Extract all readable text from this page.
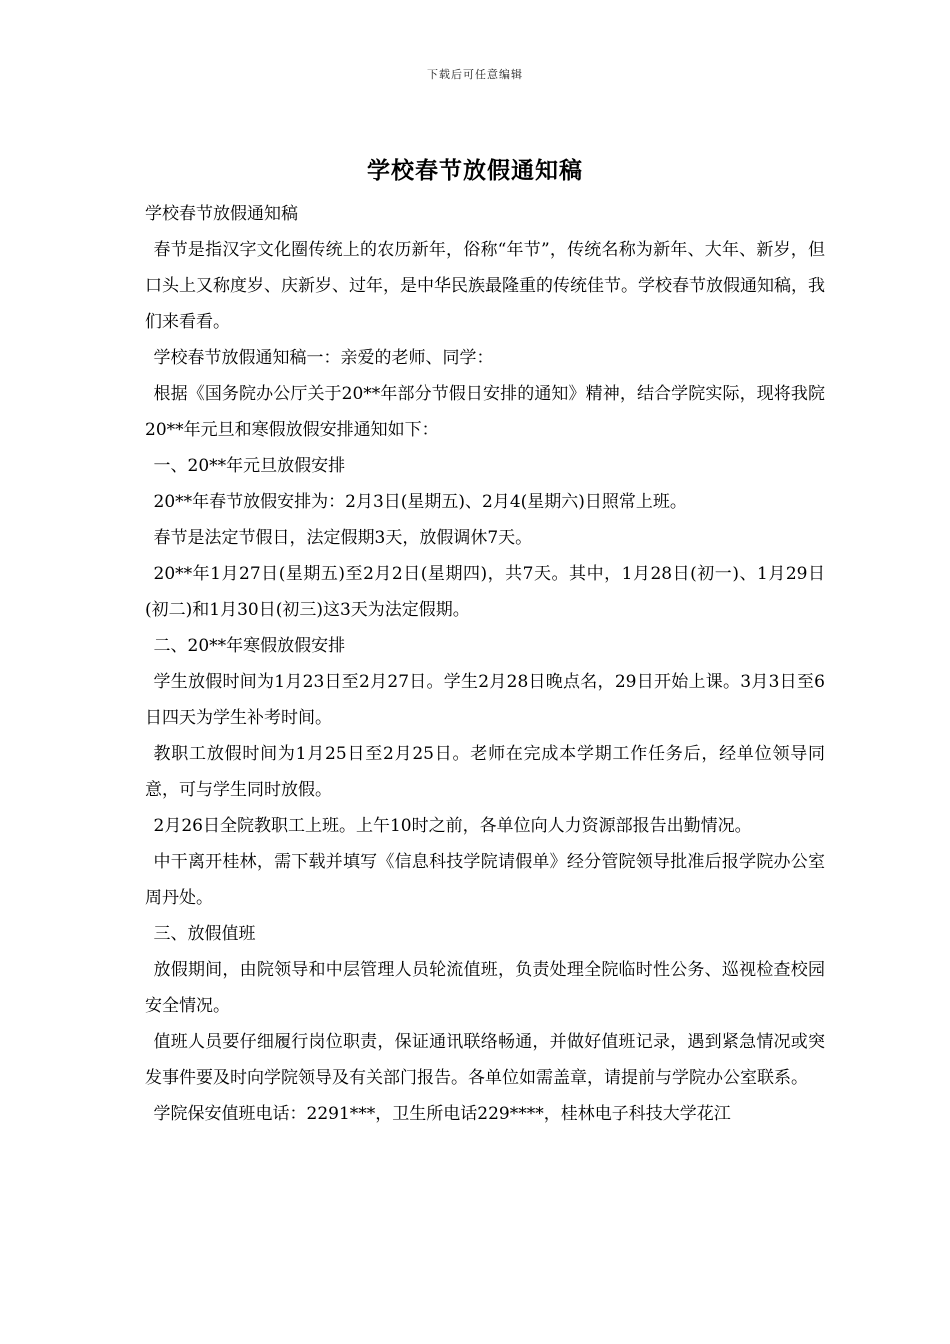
下载后可任意编辑
学校春节放假通知稿

学校春节放假通知稿

春节是指汉字文化圈传统上的农历新年，俗称“年节”，传统名称为新年、大年、新岁，但口头上又称度岁、庆新岁、过年，是中华民族最隆重的传统佳节。学校春节放假通知稿，我们来看看。

学校春节放假通知稿一：亲爱的老师、同学：

根据《国务院办公厅关于20**年部分节假日安排的通知》精神，结合学院实际，现将我院20**年元旦和寒假放假安排通知如下：

一、20**年元旦放假安排

20**年春节放假安排为：2月3日(星期五)、2月4(星期六)日照常上班。

春节是法定节假日，法定假期3天，放假调休7天。

20**年1月27日(星期五)至2月2日(星期四)，共7天。其中，1月28日(初一)、1月29日(初二)和1月30日(初三)这3天为法定假期。

二、20**年寒假放假安排

学生放假时间为1月23日至2月27日。学生2月28日晚点名，29日开始上课。3月3日至6日四天为学生补考时间。

教职工放假时间为1月25日至2月25日。老师在完成本学期工作任务后，经单位领导同意，可与学生同时放假。

2月26日全院教职工上班。上午10时之前，各单位向人力资源部报告出勤情况。

中干离开桂林，需下载并填写《信息科技学院请假单》经分管院领导批准后报学院办公室周丹处。

三、放假值班

放假期间，由院领导和中层管理人员轮流值班，负责处理全院临时性公务、巡视检查校园安全情况。

值班人员要仔细履行岗位职责，保证通讯联络畅通，并做好值班记录，遇到紧急情况或突发事件要及时向学院领导及有关部门报告。各单位如需盖章，请提前与学院办公室联系。

学院保安值班电话：2291***，卫生所电话229****，桂林电子科技大学花江
